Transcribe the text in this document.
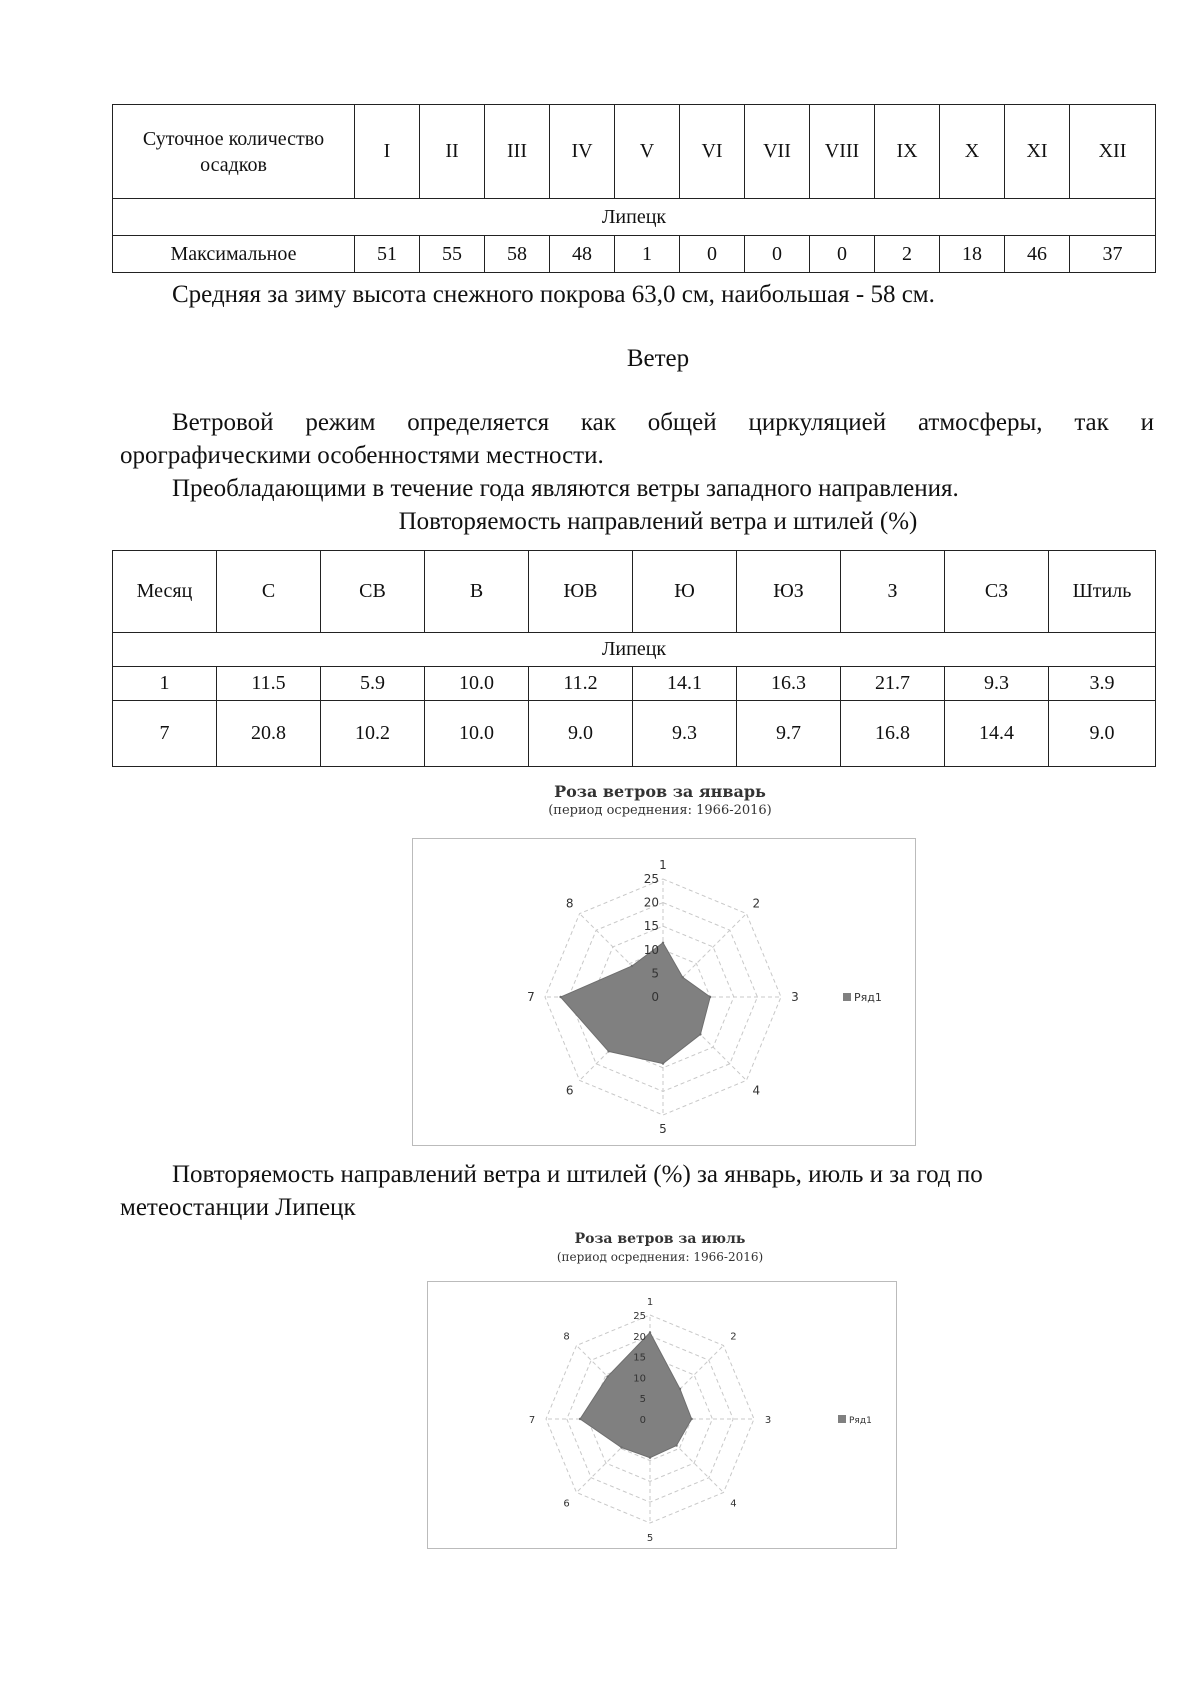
Суточное количество осадков	I	II	III	IV	V	VI	VII	VIII	IX	X	XI	XII
Липецк												
Максимальное	51	55	58	48	1	0	0	0	2	18	46	37

Средняя за зиму высота снежного покрова 63,0 см, наибольшая - 58 см.

Ветер

Ветровой режим определяется как общей циркуляцией атмосферы, так и

орографическими особенностями местности.

Преобладающими в течение года являются ветры западного направления.

Повторяемость направлений ветра и штилей (%)

Месяц	С	СВ	В	ЮВ	Ю	ЮЗ	З	СЗ	Штиль
Липецк									
1	11.5	5.9	10.0	11.2	14.1	16.3	21.7	9.3	3.9
7	20.8	10.2	10.0	9.0	9.3	9.7	16.8	14.4	9.0
Роза ветров за январь
(период осреднения: 1966-2016)
0
5
10
15
20
25
1
2
3
4
5
6
7
8
Ряд1

Повторяемость направлений ветра и штилей (%) за январь, июль и за год по

метеостанции Липецк

Роза ветров за июль
(период осреднения: 1966-2016)
0
5
10
15
20
25
1
2
3
4
5
6
7
8
Ряд1
